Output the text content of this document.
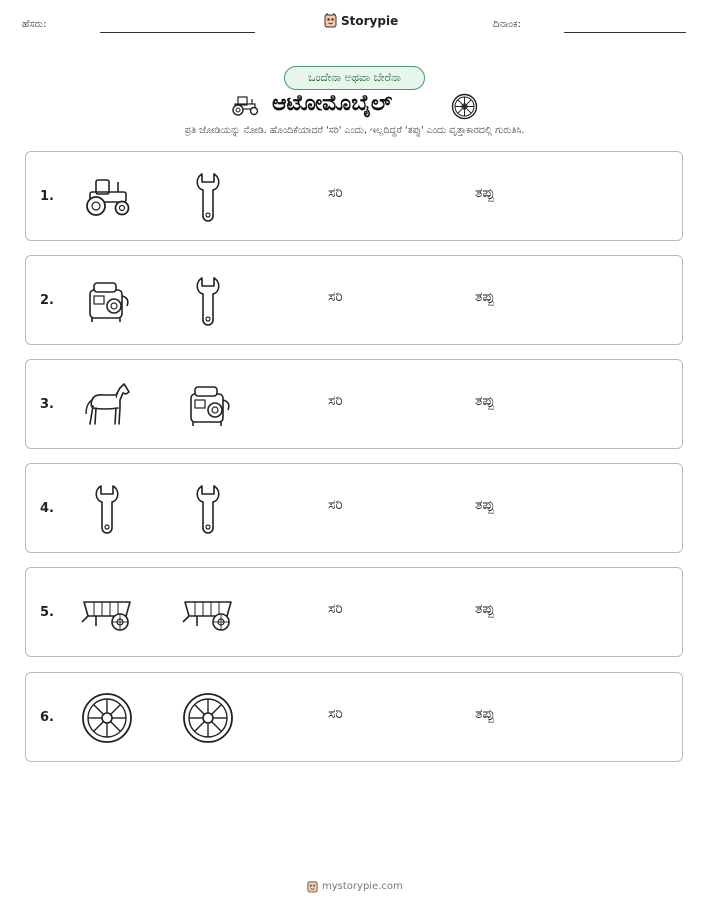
ಹೆಸರು:	Storypie	ದಿನಾಂಕ:
ಒಂದೇನಾ ಅಥವಾ ಬೇರೆನಾ
ಆಟೋಮೊಬೈಲ್
ಪ್ರತಿ ಜೋಡಿಯನ್ನು ನೋಡಿ. ಹೊಂದಿಕೆಯಾದರೆ 'ಸರಿ' ಎಂದು, ಇಲ್ಲದಿದ್ದರೆ 'ತಪ್ಪು' ಎಂದು ವೃತ್ತಾಕಾರದಲ್ಲಿ ಗುರುತಿಸಿ.
1.	ಸರಿ	ತಪ್ಪು
2.	ಸರಿ	ತಪ್ಪು
3.	ಸರಿ	ತಪ್ಪು
4.	ಸರಿ	ತಪ್ಪು
5.	ಸರಿ	ತಪ್ಪು
6.	ಸರಿ	ತಪ್ಪು
mystorypie.com
